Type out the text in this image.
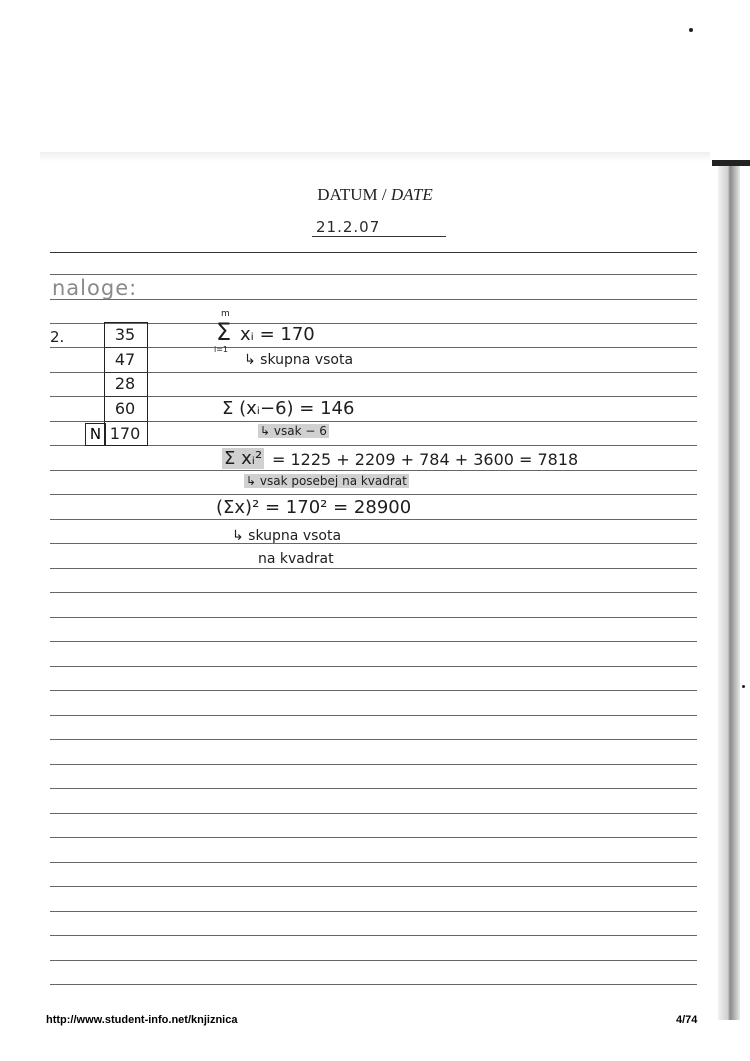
DATUM / DATE
21.2.07
naloge:
2.	35
47
28
60
170
N
m
Σ
i=1
xᵢ = 170
↳ skupna vsota
Σ (xᵢ−6) = 146
↳ vsak − 6
Σ xᵢ² = 1225 + 2209 + 784 + 3600 = 7818
↳ vsak posebej na kvadrat
(Σx)² = 170² = 28900
↳ skupna vsota
na kvadrat
http://www.student-info.net/knjiznica	4/74
